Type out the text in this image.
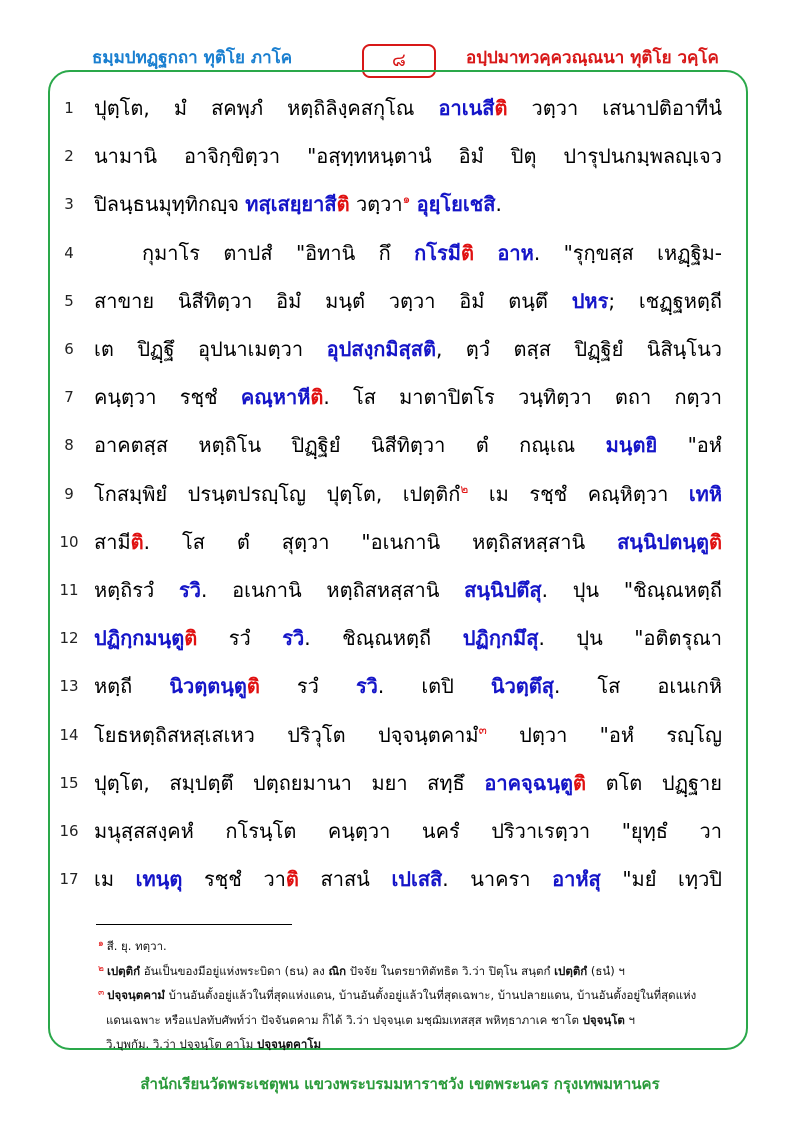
ธมฺมปทฏฺฐกถา ทุติโย ภาโค	๘	อปฺปมาทวคฺควณฺณนา ทุติโย วคฺโค
1	ปุตฺโต, มํ สคพฺภํ หตฺถิลิงฺคสกุโณ อาเนสีติ วตฺวา เสนาปติอาทีนํ
2	นามานิ อาจิกฺขิตฺวา "อสฺทฺทหนฺตานํ อิมํ ปิตุ ปารุปนกมฺพลญฺเจว
3	ปิลนฺธนมุทฺทิกญฺจ ทสฺเสยฺยาสีติ วตฺวา$^๑$ อุยฺโยเชสิ.
4	กุมาโร ตาปสํ "อิทานิ กึ กโรมีติ อาห. "รุกฺขสฺส เหฏฺฐิม-
5	สาขาย นิสีทิตฺวา อิมํ มนฺตํ วตฺวา อิมํ ตนฺตึ ปหร; เชฏฺฐหตฺถี
6	เต ปิฏฺฐึ อุปนาเมตฺวา อุปสงฺกมิสฺสติ, ตฺวํ ตสฺส ปิฏฺฐิยํ นิสินฺโนว
7	คนฺตฺวา รชฺชํ คณฺหาหีติ. โส มาตาปิตโร วนฺทิตฺวา ตถา กตฺวา
8	อาคตสฺส หตฺถิโน ปิฏฺฐิยํ นิสีทิตฺวา ตํ กณฺเณ มนฺตยิ "อหํ
9	โกสมฺพิยํ ปรนฺตปรญฺโญ ปุตฺโต, เปตฺติกํ$^๒$ เม รชฺชํ คณฺหิตฺวา เทหิ
10 สามีติ. โส ตํ สุตฺวา "อเนกานิ หตฺถิสหสฺสานิ สนฺนิปตนฺตูติ
11 หตฺถิรวํ รวิ. อเนกานิ หตฺถิสหสฺสานิ สนฺนิปตึสุ. ปุน "ชิณฺณหตฺถี
12 ปฏิกฺกมนฺตูติ รวํ รวิ. ชิณฺณหตฺถี ปฏิกฺกมึสุ. ปุน "อติตรุณา
13 หตฺถี นิวตฺตนฺตูติ รวํ รวิ. เตปิ นิวตฺตึสุ. โส อเนเกหิ
14 โยธหตฺถิสหสฺเสเหว ปริวุโต ปจฺจนฺตคามํ$^๓$ ปตฺวา "อหํ รญฺโญ
15 ปุตฺโต, สมฺปตฺตึ ปตฺถยมานา มยา สทฺธึ อาคจฺฉนฺตูติ ตโต ปฏฺฐาย
16 มนุสฺสสงฺคหํ กโรนฺโต คนฺตฺวา นครํ ปริวาเรตฺวา "ยุทฺธํ วา
17 เม เทนฺตุ รชฺชํ วาติ สาสนํ เปเสสิ. นาครา อาหํสุ "มยํ เทฺวปิ
$^๑$ สี. ยุ. ทตฺวา.
$^๒$ เปตฺติกํ อันเป็นของมีอยู่แห่งพระบิดา (ธน) ลง ณิก ปัจจัย ในตรยาทิตัทธิต วิ.ว่า ปิตุโน สนฺตกํ เปตฺติกํ (ธนํ) ฯ
$^๓$ ปจฺจนฺตคามํ บ้านอันตั้งอยู่แล้วในที่สุดแห่งแดน, บ้านอันตั้งอยู่แล้วในที่สุดเฉพาะ, บ้านปลายแดน, บ้านอันตั้งอยู่ในที่สุดแห่ง
แดนเฉพาะ หรือแปลทับศัพท์ว่า ปัจจันตคาม ก็ได้ วิ.ว่า ปจฺจนฺเต มชฺฌิมเทสสฺส พหิทฺธาภาเค ชาโต ปจฺจนฺโต ฯ
วิ.บุพกัม. วิ.ว่า ปจฺจนฺโต คาโม ปจฺจนฺตคาโม
สำนักเรียนวัดพระเชตุพน แขวงพระบรมมหาราชวัง เขตพระนคร กรุงเทพมหานคร
